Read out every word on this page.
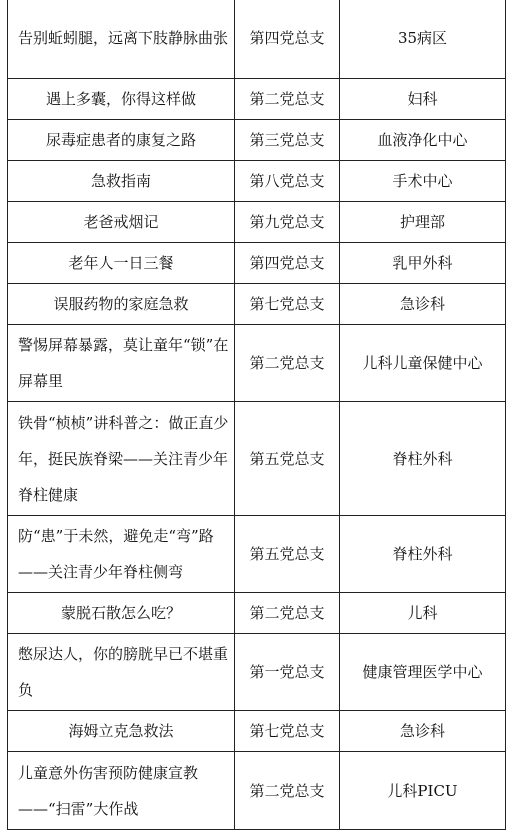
告别蚯蚓腿，远离下肢静脉曲张	第四党总支	35病区
遇上多囊，你得这样做	第二党总支	妇科
尿毒症患者的康复之路	第三党总支	血液净化中心
急救指南	第八党总支	手术中心
老爸戒烟记	第九党总支	护理部
老年人一日三餐	第四党总支	乳甲外科
误服药物的家庭急救	第七党总支	急诊科

警惕屏幕暴露，莫让童年“锁”在屏幕里	第二党总支	儿科儿童保健中心

铁骨“桢桢”讲科普之：做正直少年，挺民族脊梁——关注青少年脊柱健康	第五党总支	脊柱外科

防“患”于未然，避免走“弯”路——关注青少年脊柱侧弯	第五党总支	脊柱外科
蒙脱石散怎么吃？	第二党总支	儿科

憋尿达人，你的膀胱早已不堪重负	第一党总支	健康管理医学中心
海姆立克急救法	第七党总支	急诊科

儿童意外伤害预防健康宣教——“扫雷”大作战	第二党总支	儿科PICU
